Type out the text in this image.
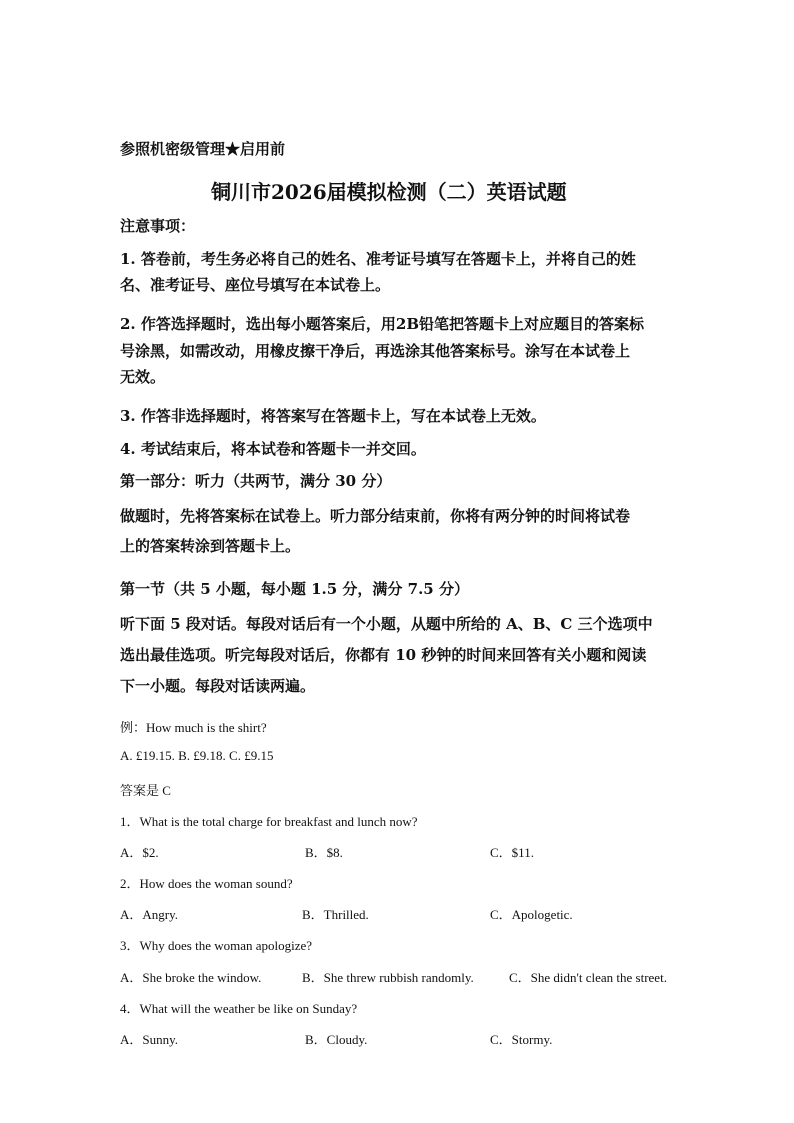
参照机密级管理★启用前
铜川市2026届模拟检测（二）英语试题
注意事项：
1. 答卷前，考生务必将自己的姓名、准考证号填写在答题卡上，并将自己的姓
名、准考证号、座位号填写在本试卷上。
2. 作答选择题时，选出每小题答案后，用2B铅笔把答题卡上对应题目的答案标
号涂黑，如需改动，用橡皮擦干净后，再选涂其他答案标号。涂写在本试卷上
无效。
3. 作答非选择题时，将答案写在答题卡上，写在本试卷上无效。
4. 考试结束后，将本试卷和答题卡一并交回。
第一部分：听力（共两节，满分 30 分）
做题时，先将答案标在试卷上。听力部分结束前，你将有两分钟的时间将试卷
上的答案转涂到答题卡上。
第一节（共 5 小题，每小题 1.5 分，满分 7.5 分）
听下面 5 段对话。每段对话后有一个小题，从题中所给的 A、B、C 三个选项中
选出最佳选项。听完每段对话后，你都有 10 秒钟的时间来回答有关小题和阅读
下一小题。每段对话读两遍。
例：How much is the shirt?
A. £19.15. B. £9.18. C. £9.15
答案是 C
1．What is the total charge for breakfast and lunch now?
A．$2.	B．$8.	C．$11.
2．How does the woman sound?
A．Angry.	B．Thrilled.	C．Apologetic.
3．Why does the woman apologize?
A．She broke the window.	B．She threw rubbish randomly.	C．She didn't clean the street.
4．What will the weather be like on Sunday?
A．Sunny.	B．Cloudy.	C．Stormy.
